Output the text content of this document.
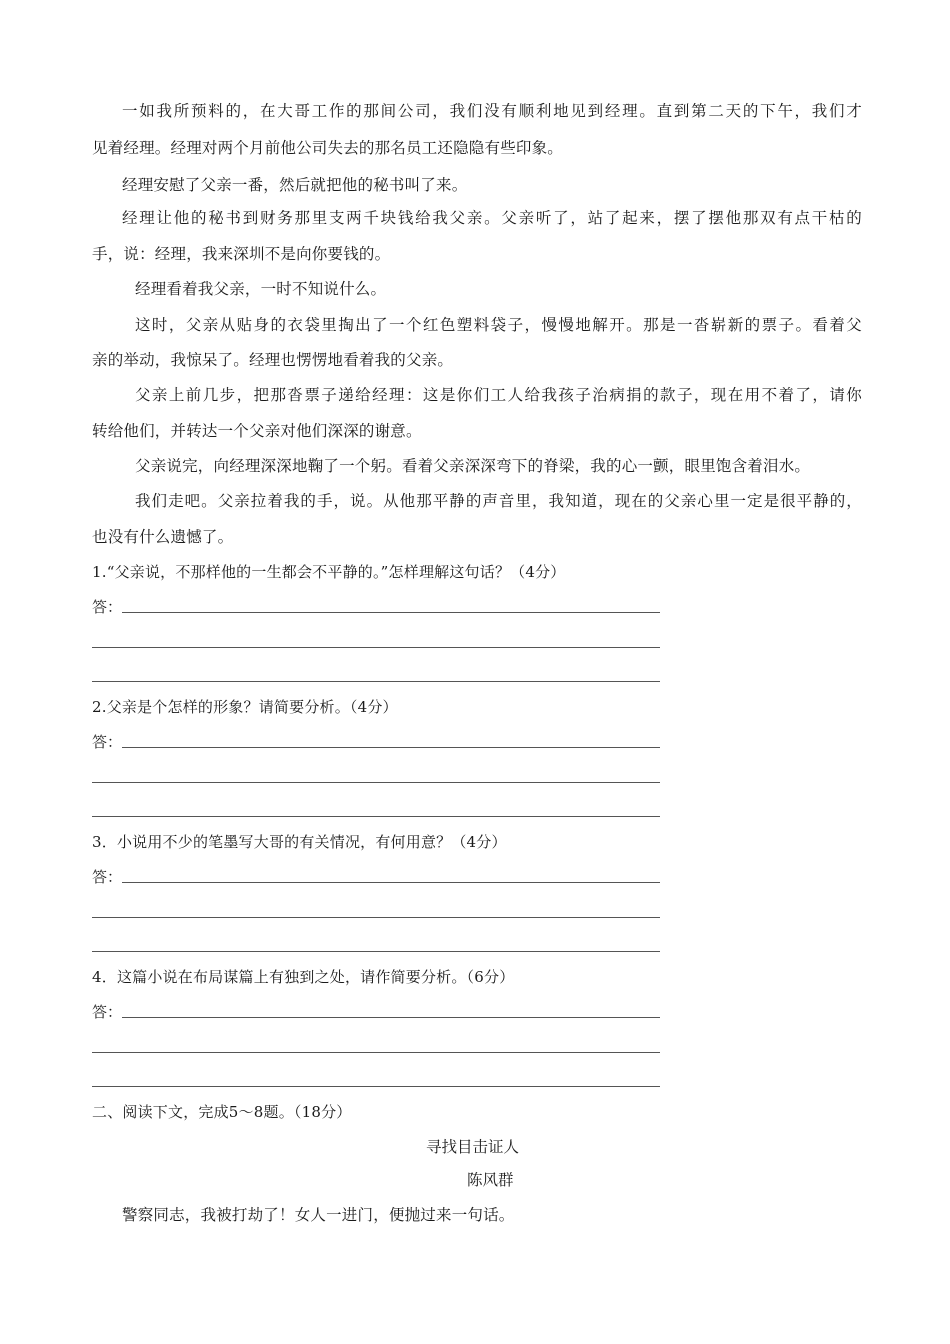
一如我所预料的，在大哥工作的那间公司，我们没有顺利地见到经理。直到第二天的下午，我们才
见着经理。经理对两个月前他公司失去的那名员工还隐隐有些印象。
经理安慰了父亲一番，然后就把他的秘书叫了来。
经理让他的秘书到财务那里支两千块钱给我父亲。父亲听了，站了起来，摆了摆他那双有点干枯的
手，说：经理，我来深圳不是向你要钱的。
经理看着我父亲，一时不知说什么。
这时，父亲从贴身的衣袋里掏出了一个红色塑料袋子，慢慢地解开。那是一沓崭新的票子。看着父
亲的举动，我惊呆了。经理也愣愣地看着我的父亲。
父亲上前几步，把那沓票子递给经理：这是你们工人给我孩子治病捐的款子，现在用不着了，请你
转给他们，并转达一个父亲对他们深深的谢意。
父亲说完，向经理深深地鞠了一个躬。看着父亲深深弯下的脊梁，我的心一颤，眼里饱含着泪水。
我们走吧。父亲拉着我的手，说。从他那平静的声音里，我知道，现在的父亲心里一定是很平静的，
也没有什么遗憾了。
1.“父亲说，不那样他的一生都会不平静的。”怎样理解这句话？（4分）
答：
2.父亲是个怎样的形象？请简要分析。（4分）
答：
3．小说用不少的笔墨写大哥的有关情况，有何用意？（4分）
答：
4．这篇小说在布局谋篇上有独到之处，请作简要分析。（6分）
答：
二、阅读下文，完成5～8题。（18分）
寻找目击证人
陈风群
警察同志，我被打劫了！女人一进门，便抛过来一句话。
